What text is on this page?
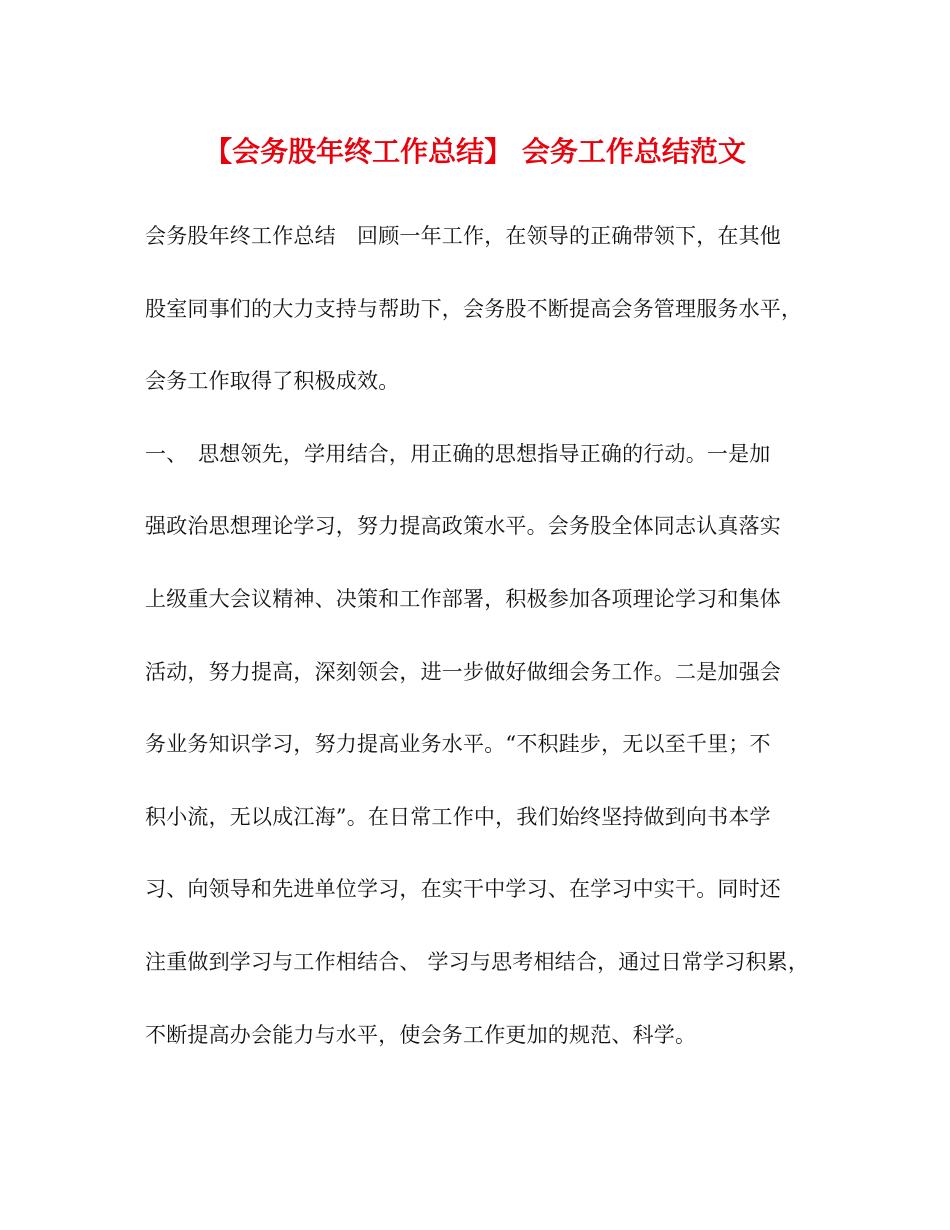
【会务股年终工作总结】 会务工作总结范文
会务股年终工作总结　回顾一年工作，在领导的正确带领下，在其他
股室同事们的大力支持与帮助下，会务股不断提高会务管理服务水平，
会务工作取得了积极成效。
一、　思想领先，学用结合，用正确的思想指导正确的行动。一是加
强政治思想理论学习，努力提高政策水平。会务股全体同志认真落实
上级重大会议精神、决策和工作部署，积极参加各项理论学习和集体
活动，努力提高，深刻领会，进一步做好做细会务工作。二是加强会
务业务知识学习，努力提高业务水平。“不积跬步，无以至千里；不
积小流，无以成江海”。在日常工作中，我们始终坚持做到向书本学
习、向领导和先进单位学习，在实干中学习、在学习中实干。同时还
注重做到学习与工作相结合、 学习与思考相结合，通过日常学习积累，
不断提高办会能力与水平，使会务工作更加的规范、科学。
